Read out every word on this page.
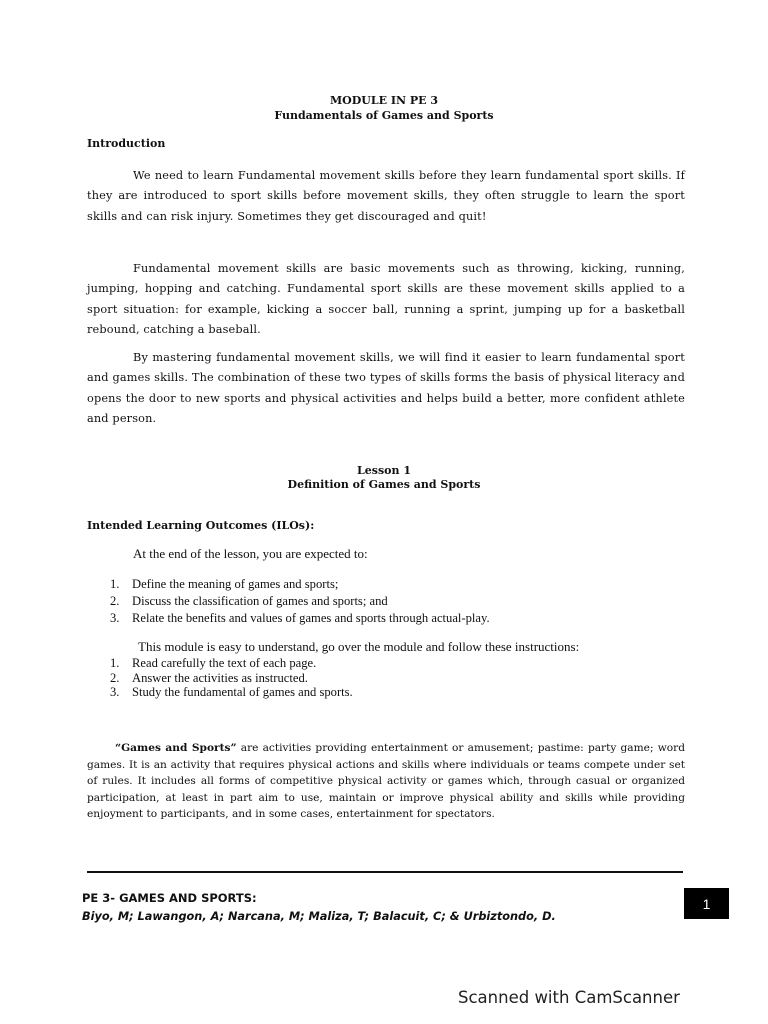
MODULE IN PE 3
Fundamentals of Games and Sports
Introduction
We need to learn Fundamental movement skills before they learn fundamental sport skills. If they are introduced to sport skills before movement skills, they often struggle to learn the sport skills and can risk injury. Sometimes they get discouraged and quit!
Fundamental movement skills are basic movements such as throwing, kicking, running, jumping, hopping and catching. Fundamental sport skills are these movement skills applied to a sport situation: for example, kicking a soccer ball, running a sprint, jumping up for a basketball rebound, catching a baseball.
By mastering fundamental movement skills, we will find it easier to learn fundamental sport and games skills. The combination of these two types of skills forms the basis of physical literacy and opens the door to new sports and physical activities and helps build a better, more confident athlete and person.
Lesson 1
Definition of Games and Sports
Intended Learning Outcomes (ILOs):
At the end of the lesson, you are expected to:
1. Define the meaning of games and sports;
2. Discuss the classification of games and sports; and
3. Relate the benefits and values of games and sports through actual-play.
This module is easy to understand, go over the module and follow these instructions:
1. Read carefully the text of each page.
2. Answer the activities as instructed.
3. Study the fundamental of games and sports.
“Games and Sports” are activities providing entertainment or amusement; pastime: party game; word games. It is an activity that requires physical actions and skills where individuals or teams compete under set of rules. It includes all forms of competitive physical activity or games which, through casual or organized participation, at least in part aim to use, maintain or improve physical ability and skills while providing enjoyment to participants, and in some cases, entertainment for spectators.
PE 3- GAMES AND SPORTS:
Biyo, M; Lawangon, A; Narcana, M; Maliza, T; Balacuit, C; & Urbiztondo, D.
1
Scanned with CamScanner
